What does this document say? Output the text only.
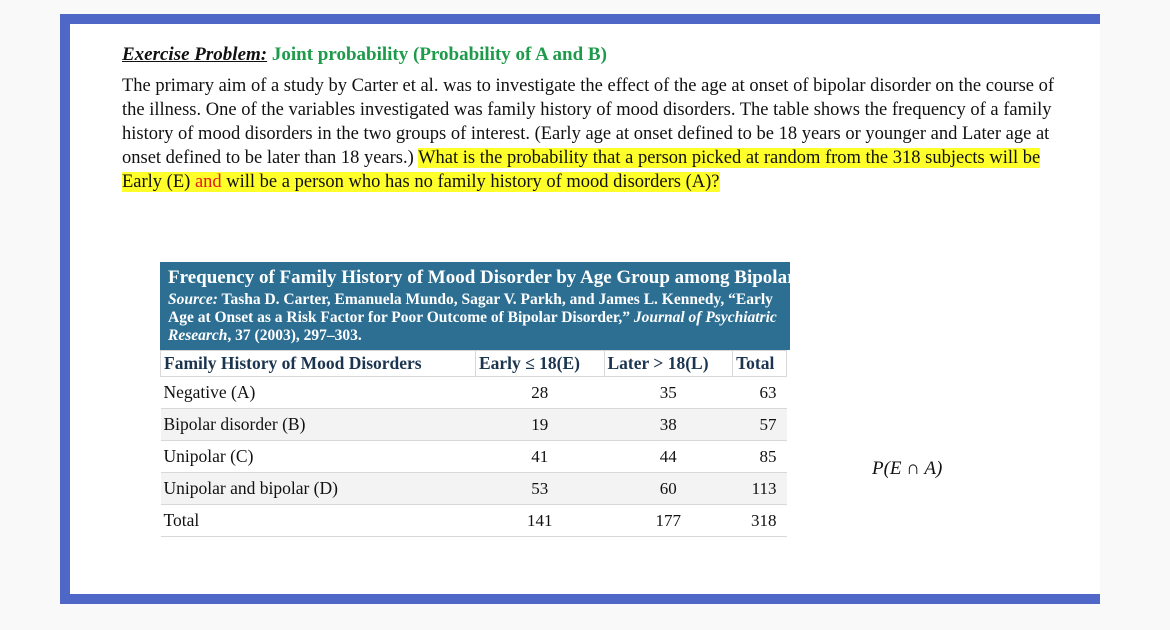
Exercise Problem: Joint probability (Probability of A and B)
The primary aim of a study by Carter et al. was to investigate the effect of the age at onset of bipolar disorder on the course of the illness. One of the variables investigated was family history of mood disorders. The table shows the frequency of a family history of mood disorders in the two groups of interest. (Early age at onset defined to be 18 years or younger and Later age at onset defined to be later than 18 years.) What is the probability that a person picked at random from the 318 subjects will be Early (E) and will be a person who has no family history of mood disorders (A)?
Frequency of Family History of Mood Disorder by Age Group among Bipolar Subjects
Source: Tasha D. Carter, Emanuela Mundo, Sagar V. Parkh, and James L. Kennedy, “Early Age at Onset as a Risk Factor for Poor Outcome of Bipolar Disorder,” Journal of Psychiatric Research, 37 (2003), 297–303.
Family History of Mood Disorders	Early ≤ 18(E)	Later > 18(L)	Total
Negative (A)	28	35	63
Bipolar disorder (B)	19	38	57
Unipolar (C)	41	44	85
Unipolar and bipolar (D)	53	60	113
Total	141	177	318
P(E ∩ A)
